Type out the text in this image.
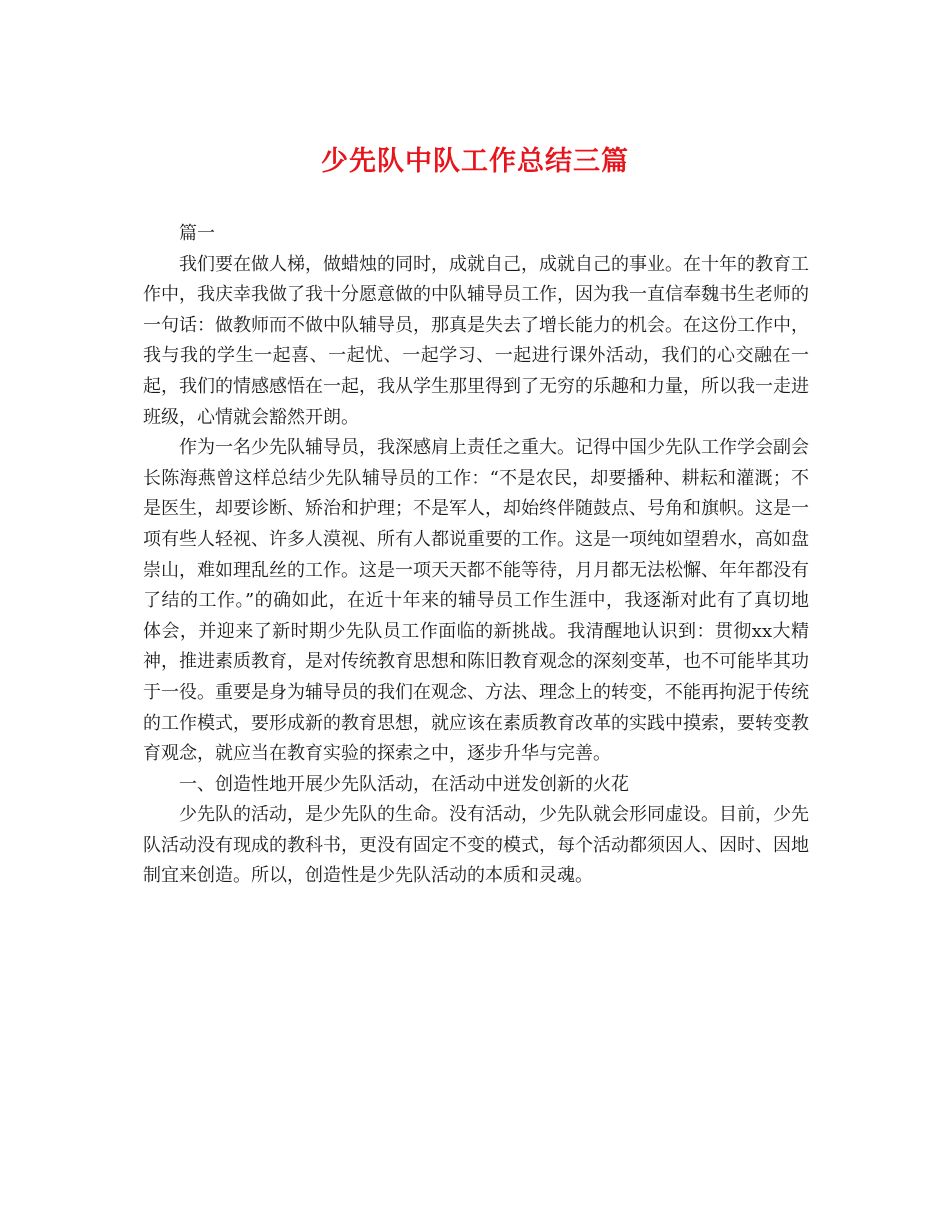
少先队中队工作总结三篇

篇一

我们要在做人梯，做蜡烛的同时，成就自己，成就自己的事业。在十年的教育工作中，我庆幸我做了我十分愿意做的中队辅导员工作，因为我一直信奉魏书生老师的一句话：做教师而不做中队辅导员，那真是失去了增长能力的机会。在这份工作中，我与我的学生一起喜、一起忧、一起学习、一起进行课外活动，我们的心交融在一起，我们的情感感悟在一起，我从学生那里得到了无穷的乐趣和力量，所以我一走进班级，心情就会豁然开朗。

作为一名少先队辅导员，我深感肩上责任之重大。记得中国少先队工作学会副会长陈海燕曾这样总结少先队辅导员的工作：“不是农民，却要播种、耕耘和灌溉；不是医生，却要诊断、矫治和护理；不是军人，却始终伴随鼓点、号角和旗帜。这是一项有些人轻视、许多人漠视、所有人都说重要的工作。这是一项纯如望碧水，高如盘崇山，难如理乱丝的工作。这是一项天天都不能等待，月月都无法松懈、年年都没有了结的工作。”的确如此，在近十年来的辅导员工作生涯中，我逐渐对此有了真切地体会，并迎来了新时期少先队员工作面临的新挑战。我清醒地认识到：贯彻xx大精神，推进素质教育，是对传统教育思想和陈旧教育观念的深刻变革，也不可能毕其功于一役。重要是身为辅导员的我们在观念、方法、理念上的转变，不能再拘泥于传统的工作模式，要形成新的教育思想，就应该在素质教育改革的实践中摸索，要转变教育观念，就应当在教育实验的探索之中，逐步升华与完善。

一、创造性地开展少先队活动，在活动中迸发创新的火花

少先队的活动，是少先队的生命。没有活动，少先队就会形同虚设。目前，少先队活动没有现成的教科书，更没有固定不变的模式，每个活动都须因人、因时、因地制宜来创造。所以，创造性是少先队活动的本质和灵魂。
